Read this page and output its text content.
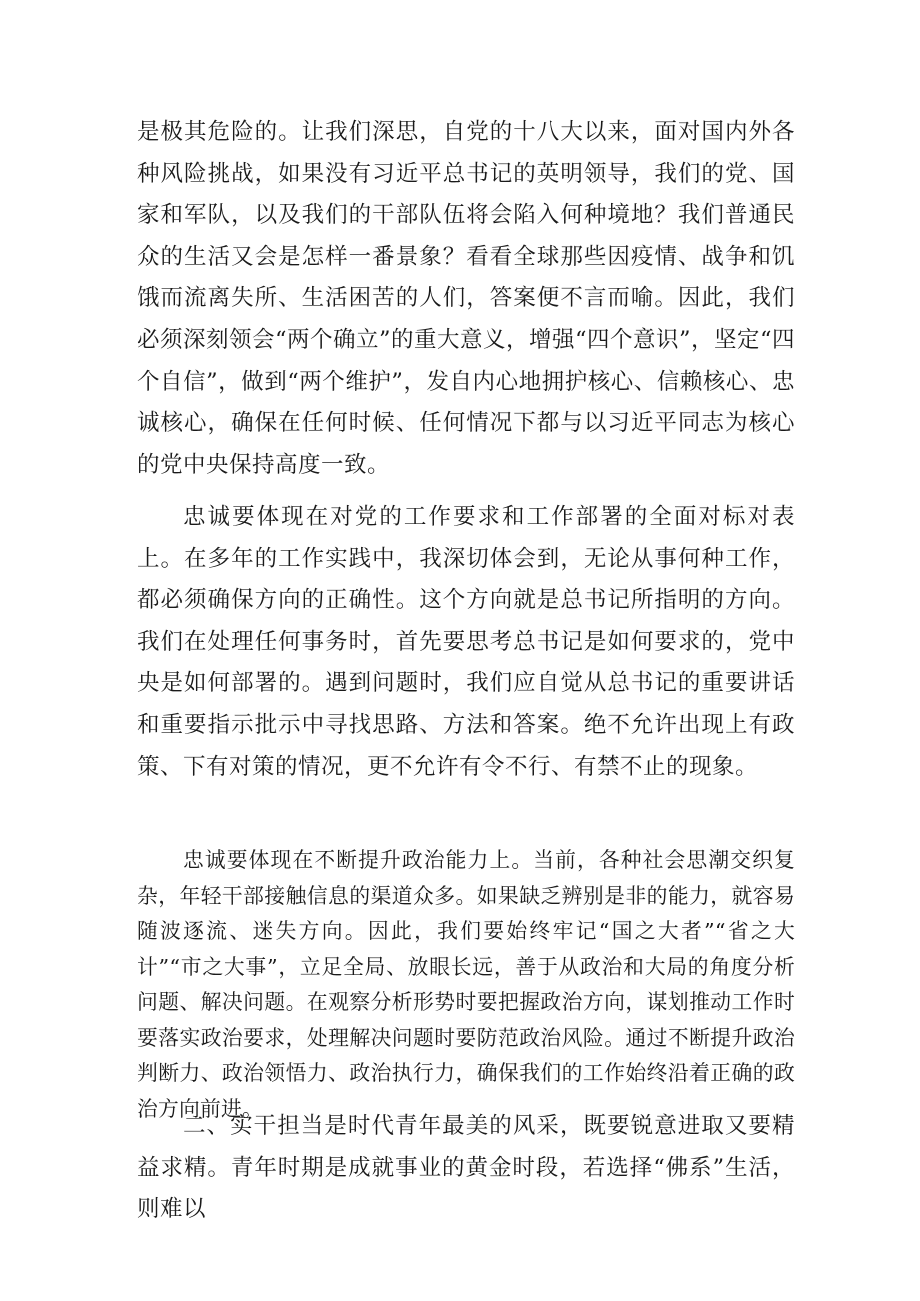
是极其危险的。让我们深思，自党的十八大以来，面对国内外各种风险挑战，如果没有习近平总书记的英明领导，我们的党、国家和军队，以及我们的干部队伍将会陷入何种境地？我们普通民众的生活又会是怎样一番景象？看看全球那些因疫情、战争和饥饿而流离失所、生活困苦的人们，答案便不言而喻。因此，我们必须深刻领会“两个确立”的重大意义，增强“四个意识”，坚定“四个自信”，做到“两个维护”，发自内心地拥护核心、信赖核心、忠诚核心，确保在任何时候、任何情况下都与以习近平同志为核心的党中央保持高度一致。

忠诚要体现在对党的工作要求和工作部署的全面对标对表上。在多年的工作实践中，我深切体会到，无论从事何种工作，都必须确保方向的正确性。这个方向就是总书记所指明的方向。我们在处理任何事务时，首先要思考总书记是如何要求的，党中央是如何部署的。遇到问题时，我们应自觉从总书记的重要讲话和重要指示批示中寻找思路、方法和答案。绝不允许出现上有政策、下有对策的情况，更不允许有令不行、有禁不止的现象。

忠诚要体现在不断提升政治能力上。当前，各种社会思潮交织复杂，年轻干部接触信息的渠道众多。如果缺乏辨别是非的能力，就容易随波逐流、迷失方向。因此，我们要始终牢记“国之大者”“省之大计”“市之大事”，立足全局、放眼长远，善于从政治和大局的角度分析问题、解决问题。在观察分析形势时要把握政治方向，谋划推动工作时要落实政治要求，处理解决问题时要防范政治风险。通过不断提升政治判断力、政治领悟力、政治执行力，确保我们的工作始终沿着正确的政治方向前进。

二、实干担当是时代青年最美的风采，既要锐意进取又要精益求精。青年时期是成就事业的黄金时段，若选择“佛系”生活，则难以
